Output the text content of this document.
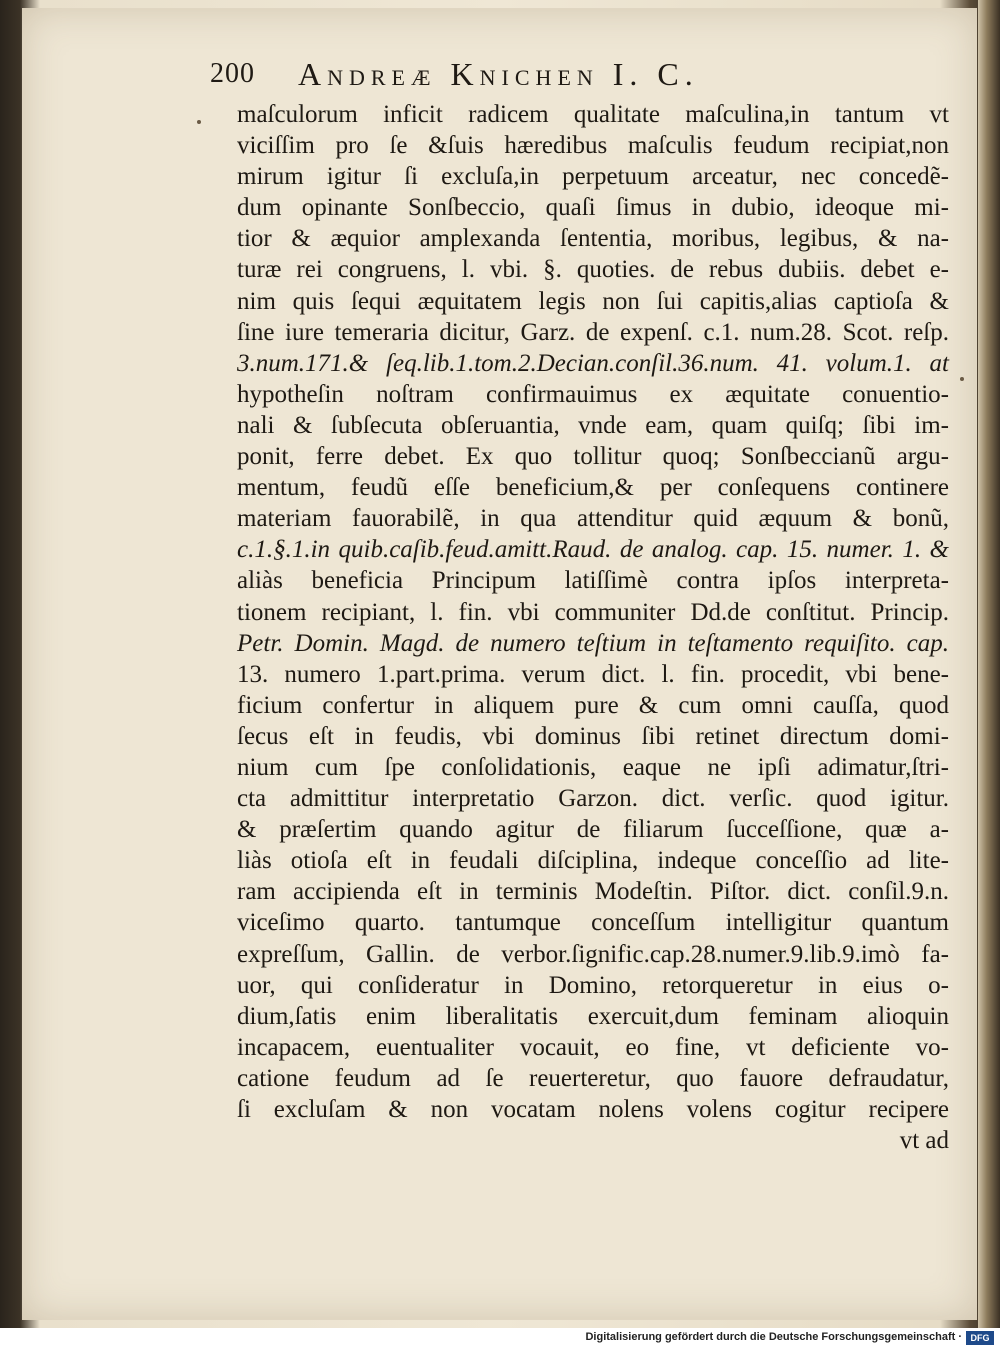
200 Andreæ Knichen I. C.
maſculorum inficit radicem qualitate maſculina,in tantum vt
viciſſim pro ſe &ſuis hæredibus maſculis feudum recipiat,non
mirum igitur ſi excluſa,in perpetuum arceatur, nec concedẽ-
dum opinante Sonſbeccio, quaſi ſimus in dubio, ideoque mi-
tior & æquior amplexanda ſententia, moribus, legibus, & na-
turæ rei congruens, l. vbi. §. quoties. de rebus dubiis. debet e-
nim quis ſequi æquitatem legis non ſui capitis,alias captioſa &
ſine iure temeraria dicitur, Garz. de expenſ. c.1. num.28. Scot. reſp.
3.num.171.& ſeq.lib.1.tom.2.Decian.conſil.36.num. 41. volum.1. at
hypotheſin noſtram confirmauimus ex æquitate conuentio-
nali & ſubſecuta obſeruantia, vnde eam, quam quiſq; ſibi im-
ponit, ferre debet. Ex quo tollitur quoq; Sonſbeccianũ argu-
mentum, feudũ eſſe beneficium,& per conſequens continere
materiam fauorabilẽ, in qua attenditur quid æquum & bonũ,
c.1.§.1.in quib.caſib.feud.amitt.Raud. de analog. cap. 15. numer. 1. &
aliàs beneficia Principum latiſſimè contra ipſos interpreta-
tionem recipiant, l. fin. vbi communiter Dd.de conſtitut. Princip.
Petr. Domin. Magd. de numero teſtium in teſtamento requiſito. cap.
13. numero 1.part.prima. verum dict. l. fin. procedit, vbi bene-
ficium confertur in aliquem pure & cum omni cauſſa, quod
ſecus eſt in feudis, vbi dominus ſibi retinet directum domi-
nium cum ſpe conſolidationis, eaque ne ipſi adimatur,ſtri-
cta admittitur interpretatio Garzon. dict. verſic. quod igitur.
& præſertim quando agitur de filiarum ſucceſſione, quæ a-
liàs otioſa eſt in feudali diſciplina, indeque conceſſio ad lite-
ram accipienda eſt in terminis Modeſtin. Piſtor. dict. conſil.9.n.
viceſimo quarto. tantumque conceſſum intelligitur quantum
expreſſum, Gallin. de verbor.ſignific.cap.28.numer.9.lib.9.imò fa-
uor, qui conſideratur in Domino, retorqueretur in eius o-
dium,ſatis enim liberalitatis exercuit,dum feminam alioquin
incapacem, euentualiter vocauit, eo fine, vt deficiente vo-
catione feudum ad ſe reuerteretur, quo fauore defraudatur,
ſi excluſam & non vocatam nolens volens cogitur recipere
vt ad
Digitalisierung gefördert durch die Deutsche Forschungsgemeinschaft · DFG
